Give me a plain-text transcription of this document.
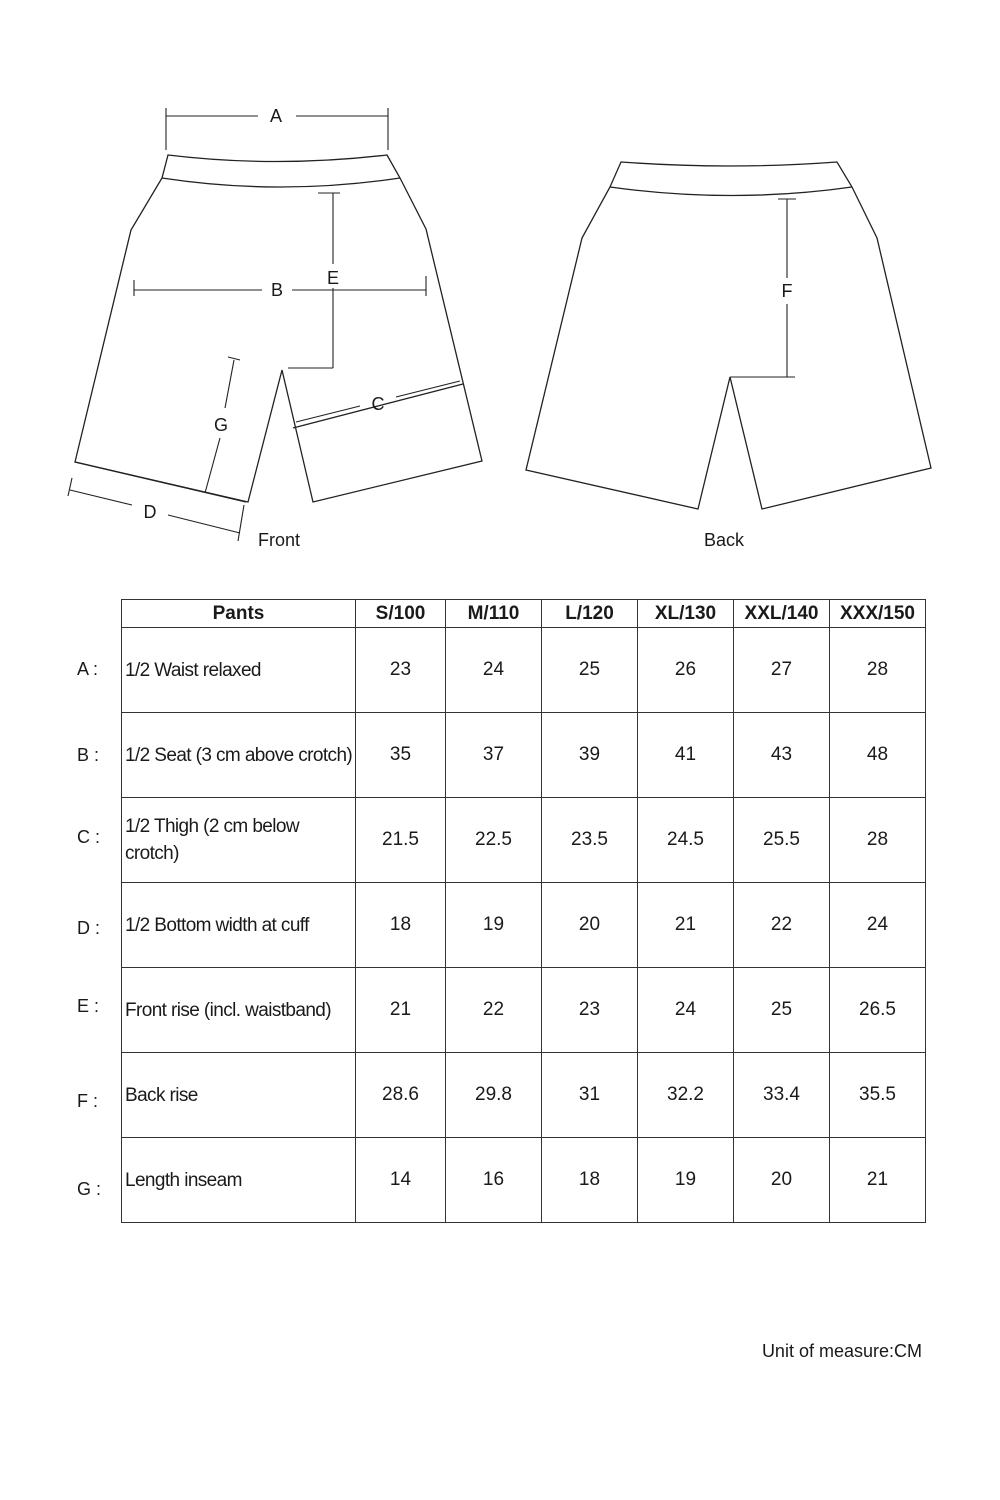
A
B
E
C
G
D
Front
F
Back
A :
B :
C :
D :
E :
F :
G :
Pants	S/100	M/110	L/120	XL/130	XXL/140	XXX/150
1/2 Waist relaxed	23	24	25	26	27	28
1/2 Seat (3 cm above crotch)	35	37	39	41	43	48
1/2 Thigh (2 cm below crotch)	21.5	22.5	23.5	24.5	25.5	28
1/2 Bottom width at cuff	18	19	20	21	22	24
Front rise (incl. waistband)	21	22	23	24	25	26.5
Back rise	28.6	29.8	31	32.2	33.4	35.5
Length inseam	14	16	18	19	20	21
Unit of measure:CM
